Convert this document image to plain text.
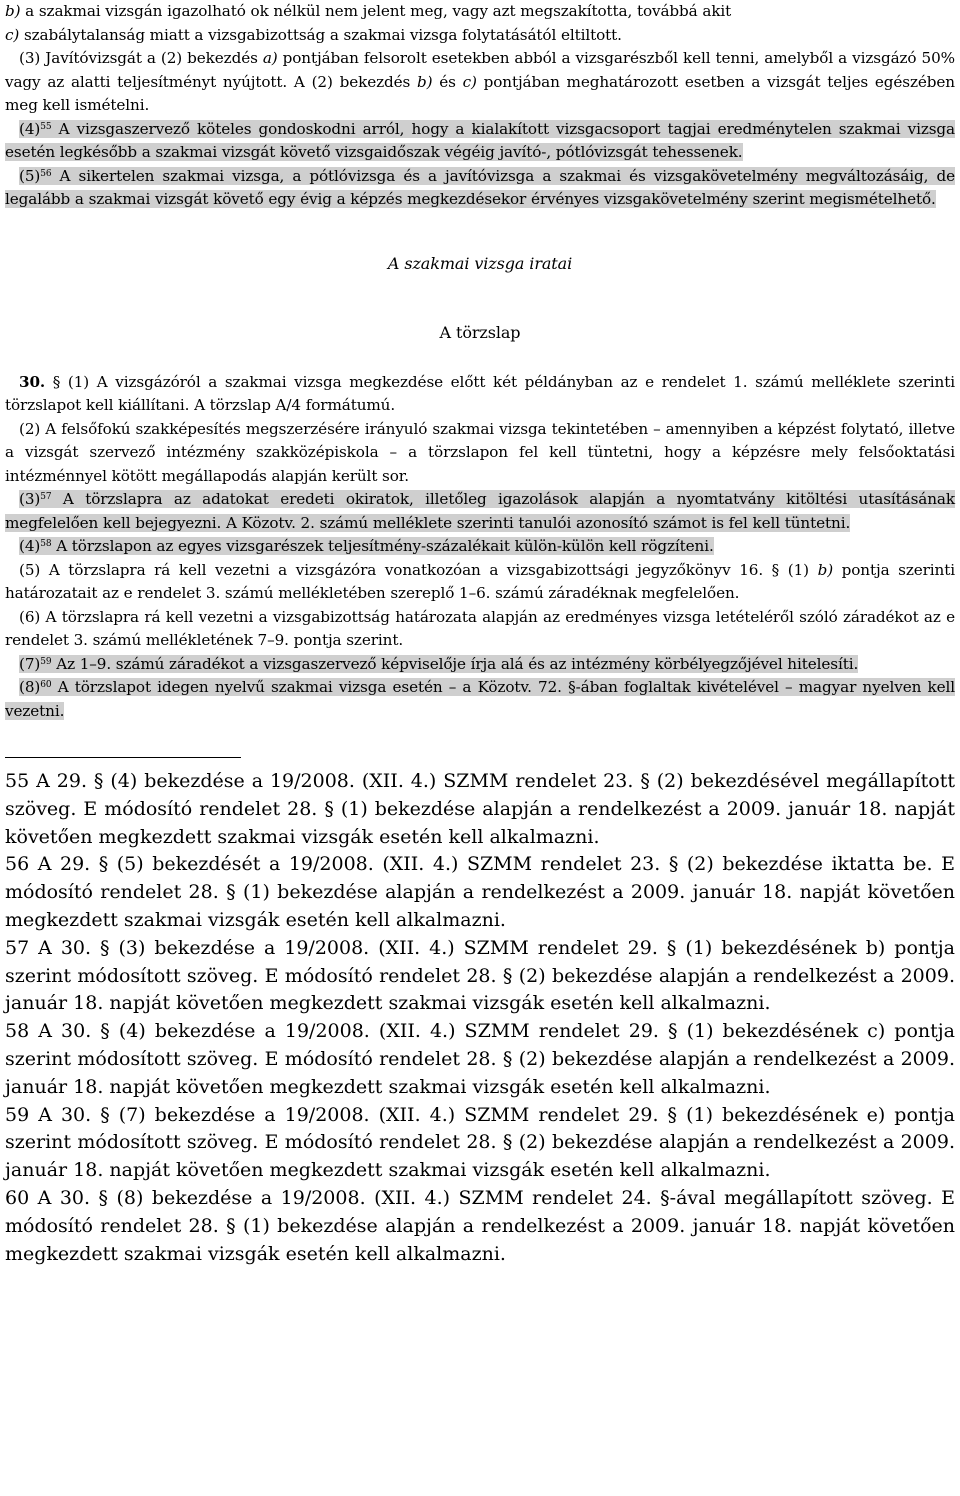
b) a szakmai vizsgán igazolható ok nélkül nem jelent meg, vagy azt megszakította, továbbá akit

c) szabálytalanság miatt a vizsgabizottság a szakmai vizsga folytatásától eltiltott.

(3) Javítóvizsgát a (2) bekezdés a) pontjában felsorolt esetekben abból a vizsgarészből kell tenni, amelyből a vizsgázó 50% vagy az alatti teljesítményt nyújtott. A (2) bekezdés b) és c) pontjában meghatározott esetben a vizsgát teljes egészében meg kell ismételni.

$(4)^{55}$ A vizsgaszervező köteles gondoskodni arról, hogy a kialakított vizsgacsoport tagjai eredménytelen szakmai vizsga esetén legkésőbb a szakmai vizsgát követő vizsgaidőszak végéig javító-, pótlóvizsgát tehessenek.

$(5)^{56}$ A sikertelen szakmai vizsga, a pótlóvizsga és a javítóvizsga a szakmai és vizsgakövetelmény megváltozásáig, de legalább a szakmai vizsgát követő egy évig a képzés megkezdésekor érvényes vizsgakövetelmény szerint megismételhető.

A szakmai vizsga iratai

A törzslap

30. § (1) A vizsgázóról a szakmai vizsga megkezdése előtt két példányban az e rendelet 1. számú melléklete szerinti törzslapot kell kiállítani. A törzslap A/4 formátumú.

(2) A felsőfokú szakképesítés megszerzésére irányuló szakmai vizsga tekintetében – amennyiben a képzést folytató, illetve a vizsgát szervező intézmény szakközépiskola – a törzslapon fel kell tüntetni, hogy a képzésre mely felsőoktatási intézménnyel kötött megállapodás alapján került sor.

$(3)^{57}$ A törzslapra az adatokat eredeti okiratok, illetőleg igazolások alapján a nyomtatvány kitöltési utasításának megfelelően kell bejegyezni. A Közotv. 2. számú melléklete szerinti tanulói azonosító számot is fel kell tüntetni.

$(4)^{58}$ A törzslapon az egyes vizsgarészek teljesítmény-százalékait külön-külön kell rögzíteni.

(5) A törzslapra rá kell vezetni a vizsgázóra vonatkozóan a vizsgabizottsági jegyzőkönyv 16. § (1) b) pontja szerinti határozatait az e rendelet 3. számú mellékletében szereplő 1–6. számú záradéknak megfelelően.

(6) A törzslapra rá kell vezetni a vizsgabizottság határozata alapján az eredményes vizsga letételéről szóló záradékot az e rendelet 3. számú mellékletének 7–9. pontja szerint.

$(7)^{59}$ Az 1–9. számú záradékot a vizsgaszervező képviselője írja alá és az intézmény körbélyegzőjével hitelesíti.

$(8)^{60}$ A törzslapot idegen nyelvű szakmai vizsga esetén – a Közotv. 72. §-ában foglaltak kivételével – magyar nyelven kell vezetni.

55 A 29. § (4) bekezdése a 19/2008. (XII. 4.) SZMM rendelet 23. § (2) bekezdésével megállapított szöveg. E módosító rendelet 28. § (1) bekezdése alapján a rendelkezést a 2009. január 18. napját követően megkezdett szakmai vizsgák esetén kell alkalmazni.

56 A 29. § (5) bekezdését a 19/2008. (XII. 4.) SZMM rendelet 23. § (2) bekezdése iktatta be. E módosító rendelet 28. § (1) bekezdése alapján a rendelkezést a 2009. január 18. napját követően megkezdett szakmai vizsgák esetén kell alkalmazni.

57 A 30. § (3) bekezdése a 19/2008. (XII. 4.) SZMM rendelet 29. § (1) bekezdésének b) pontja szerint módosított szöveg. E módosító rendelet 28. § (2) bekezdése alapján a rendelkezést a 2009. január 18. napját követően megkezdett szakmai vizsgák esetén kell alkalmazni.

58 A 30. § (4) bekezdése a 19/2008. (XII. 4.) SZMM rendelet 29. § (1) bekezdésének c) pontja szerint módosított szöveg. E módosító rendelet 28. § (2) bekezdése alapján a rendelkezést a 2009. január 18. napját követően megkezdett szakmai vizsgák esetén kell alkalmazni.

59 A 30. § (7) bekezdése a 19/2008. (XII. 4.) SZMM rendelet 29. § (1) bekezdésének e) pontja szerint módosított szöveg. E módosító rendelet 28. § (2) bekezdése alapján a rendelkezést a 2009. január 18. napját követően megkezdett szakmai vizsgák esetén kell alkalmazni.

60 A 30. § (8) bekezdése a 19/2008. (XII. 4.) SZMM rendelet 24. §-ával megállapított szöveg. E módosító rendelet 28. § (1) bekezdése alapján a rendelkezést a 2009. január 18. napját követően megkezdett szakmai vizsgák esetén kell alkalmazni.
